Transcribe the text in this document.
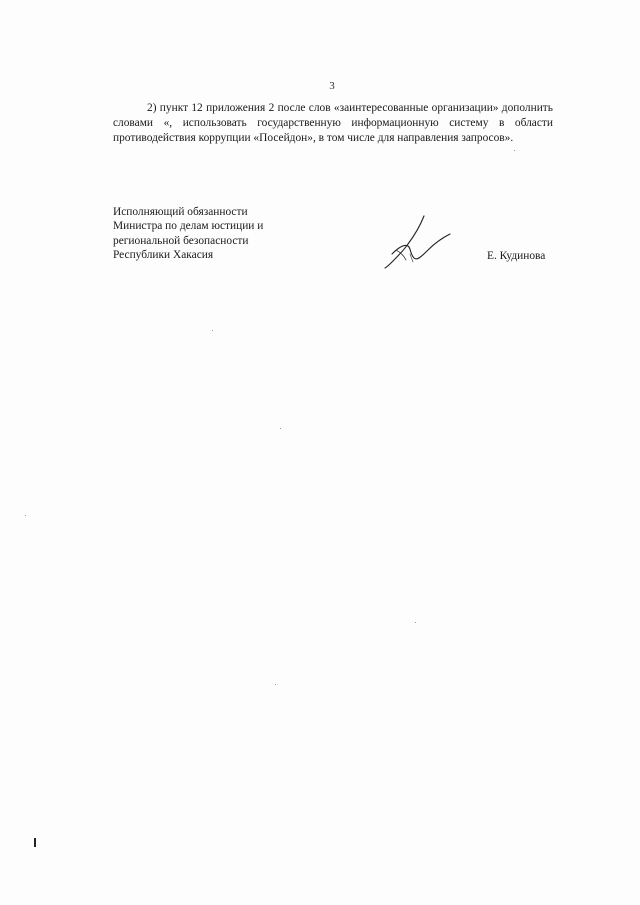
3

2) пункт 12 приложения 2 после слов «заинтересованные организации» дополнить словами «, использовать государственную информационную систему в области противодействия коррупции «Посейдон», в том числе для направления запросов».

Исполняющий обязанности
Министра по делам юстиции и
региональной безопасности
Республики Хакасия	Е. Кудинова
